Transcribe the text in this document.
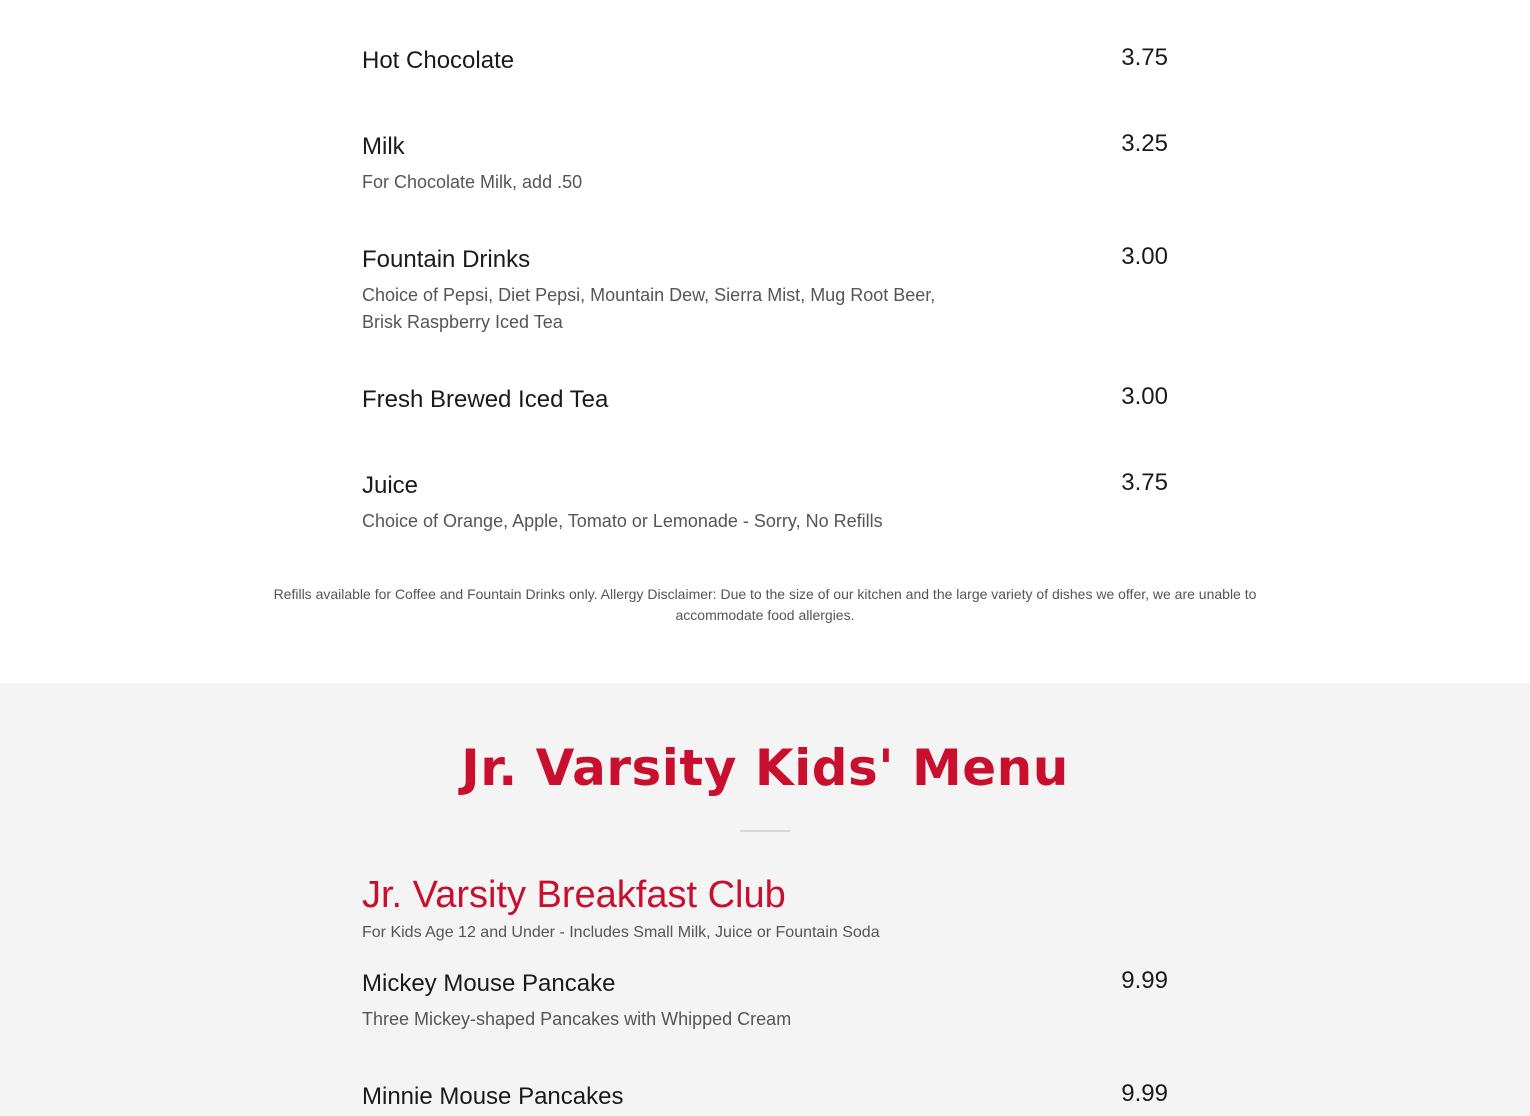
Hot Chocolate	3.75
Milk	3.25
For Chocolate Milk, add .50
Fountain Drinks	3.00
Choice of Pepsi, Diet Pepsi, Mountain Dew, Sierra Mist, Mug Root Beer, Brisk Raspberry Iced Tea
Fresh Brewed Iced Tea	3.00
Juice	3.75
Choice of Orange, Apple, Tomato or Lemonade - Sorry, No Refills

Refills available for Coffee and Fountain Drinks only. Allergy Disclaimer: Due to the size of our kitchen and the large variety of dishes we offer, we are unable to accommodate food allergies.

Jr. Varsity Kids' Menu
Jr. Varsity Breakfast Club
For Kids Age 12 and Under - Includes Small Milk, Juice or Fountain Soda
Mickey Mouse Pancake	9.99
Three Mickey-shaped Pancakes with Whipped Cream
Minnie Mouse Pancakes	9.99
